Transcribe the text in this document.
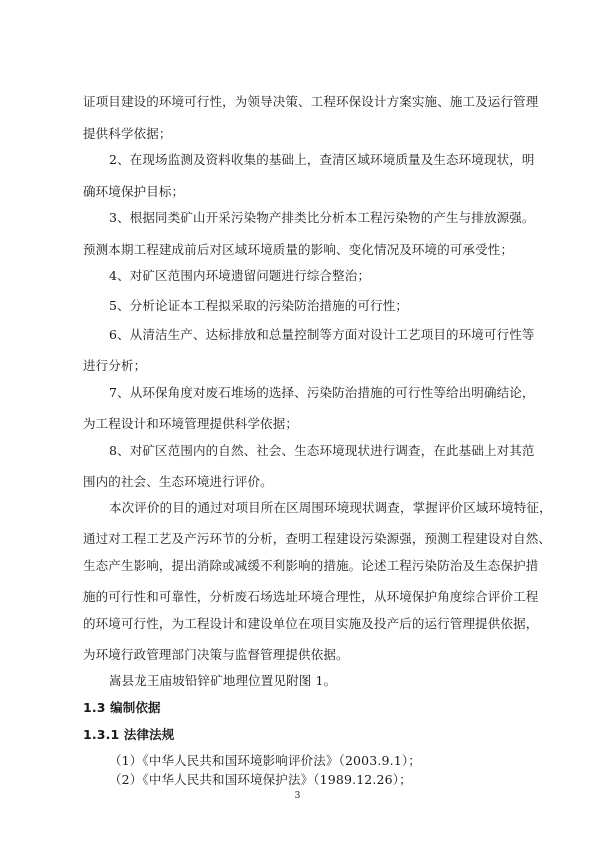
证项目建设的环境可行性，为领导决策、工程环保设计方案实施、施工及运行管理
提供科学依据；
2、在现场监测及资料收集的基础上，查清区域环境质量及生态环境现状，明
确环境保护目标；
3、根据同类矿山开采污染物产排类比分析本工程污染物的产生与排放源强。
预测本期工程建成前后对区域环境质量的影响、变化情况及环境的可承受性；
4、对矿区范围内环境遗留问题进行综合整治；
5、分析论证本工程拟采取的污染防治措施的可行性；
6、从清洁生产、达标排放和总量控制等方面对设计工艺项目的环境可行性等
进行分析；
7、从环保角度对废石堆场的选择、污染防治措施的可行性等给出明确结论，
为工程设计和环境管理提供科学依据；
8、对矿区范围内的自然、社会、生态环境现状进行调查，在此基础上对其范
围内的社会、生态环境进行评价。
本次评价的目的通过对项目所在区周围环境现状调查，掌握评价区域环境特征，
通过对工程工艺及产污环节的分析，查明工程建设污染源强，预测工程建设对自然、
生态产生影响，提出消除或减缓不利影响的措施。论述工程污染防治及生态保护措
施的可行性和可靠性，分析废石场选址环境合理性，从环境保护角度综合评价工程
的环境可行性，为工程设计和建设单位在项目实施及投产后的运行管理提供依据，
为环境行政管理部门决策与监督管理提供依据。
嵩县龙王庙坡铅锌矿地理位置见附图 1。
1.3 编制依据
1.3.1 法律法规
（1）《中华人民共和国环境影响评价法》（2003.9.1）；
（2）《中华人民共和国环境保护法》（1989.12.26）；
3
